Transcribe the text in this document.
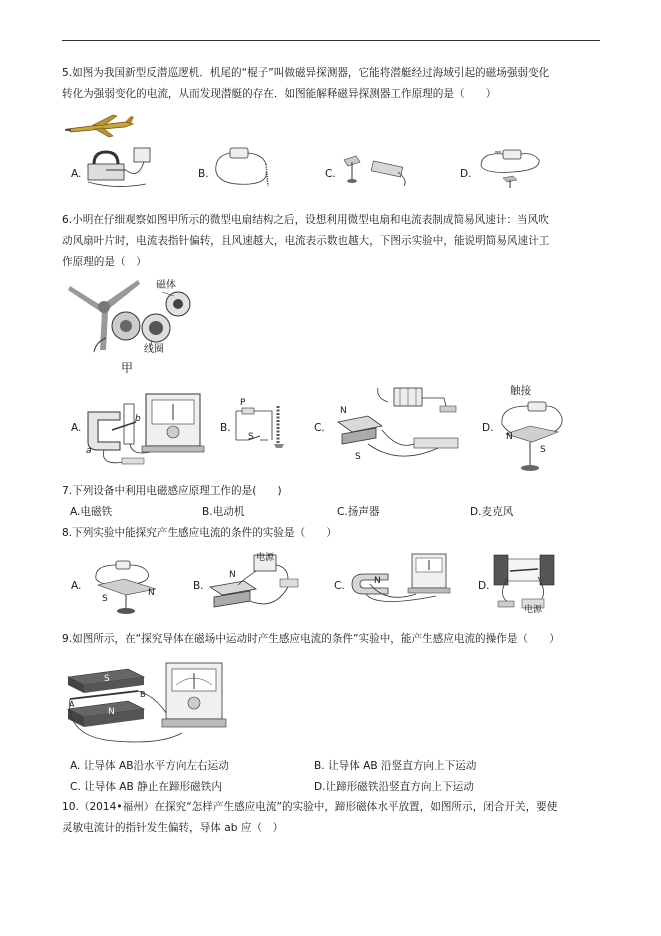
5.如图为我国新型反潜巡逻机．机尾的“棍子”叫做磁异探测器，它能将潜艇经过海域引起的磁场强弱变化
转化为强弱变化的电流，从而发现潜艇的存在．如图能解释磁异探测器工作原理的是（　　）
A.	B.	C.	D.
6.小明在仔细观察如图甲所示的微型电扇结构之后，设想利用微型电扇和电流表制成简易风速计：当风吹
动风扇叶片时，电流表指针偏转，且风速越大，电流表示数也越大，下图示实验中，能说明简易风速计工
作原理的是（　）
磁体
线圈
甲
A.
b
a
B.
P
S
C.
N
S
D.
触接
N
S
7.下列设备中利用电磁感应原理工作的是(　　)
A.电磁铁	B.电动机	C.扬声器	D.麦克风
8.下列实验中能探究产生感应电流的条件的实验是（　　）
A.
S
N
B.
电源
N
C.	N	D.
电源
9.如图所示，在“探究导体在磁场中运动时产生感应电流的条件”实验中，能产生感应电流的操作是（　　）
S
N
A
B
A. 让导体 AB沿水平方向左右运动	B. 让导体 AB 沿竖直方向上下运动
C. 让导体 AB 静止在蹄形磁铁内	D.让蹄形磁铁沿竖直方向上下运动
10.（2014•福州）在探究“怎样产生感应电流”的实验中，蹄形磁体水平放置，如图所示，闭合开关，要使
灵敏电流计的指针发生偏转，导体 ab 应（　）
